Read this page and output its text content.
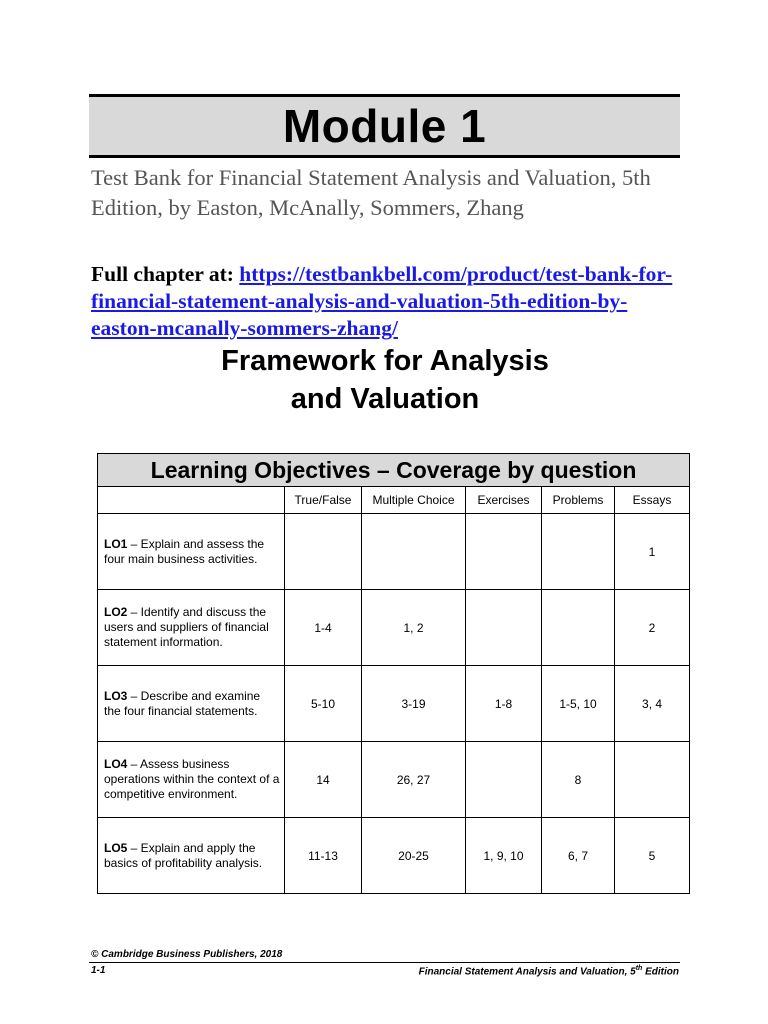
Module 1
Test Bank for Financial Statement Analysis and Valuation, 5th Edition, by Easton, McAnally, Sommers, Zhang
Full chapter at: https://testbankbell.com/product/test-bank-for-financial-statement-analysis-and-valuation-5th-edition-by-easton-mcanally-sommers-zhang/
Framework for Analysis
and Valuation
Learning Objectives – Coverage by question					
	True/False	Multiple Choice	Exercises	Problems	Essays
LO1 – Explain and assess the four main business activities.					1
LO2 – Identify and discuss the users and suppliers of financial statement information.	1-4	1, 2			2
LO3 – Describe and examine the four financial statements.	5-10	3-19	1-8	1-5, 10	3, 4
LO4 – Assess business operations within the context of a competitive environment.	14	26, 27		8	
LO5 – Explain and apply the basics of profitability analysis.	11-13	20-25	1, 9, 10	6, 7	5
© Cambridge Business Publishers, 2018
1-1	Financial Statement Analysis and Valuation, 5th Edition
